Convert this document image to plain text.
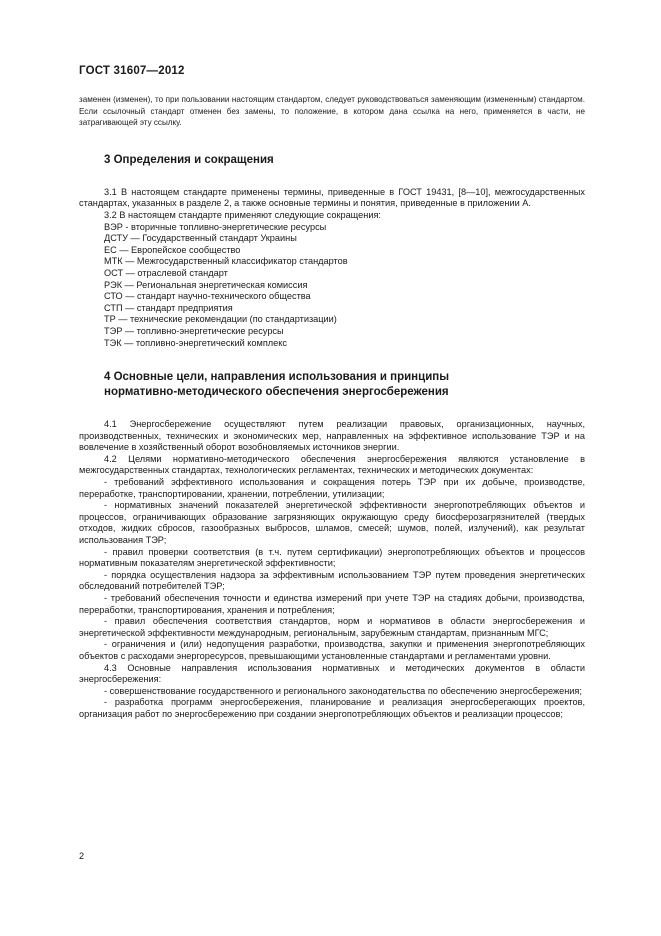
ГОСТ 31607—2012

заменен (изменен), то при пользовании настоящим стандартом, следует руководствоваться заменяющим (измененным) стандартом. Если ссылочный стандарт отменен без замены, то положение, в котором дана ссылка на него, применяется в части, не затрагивающей эту ссылку.

3 Определения и сокращения

3.1 В настоящем стандарте применены термины, приведенные в ГОСТ 19431, [8—10], межгосударственных стандартах, указанных в разделе 2, а также основные термины и понятия, приведенные в приложении А.

3.2 В настоящем стандарте применяют следующие сокращения:

ВЭР - вторичные топливно-энергетические ресурсы

ДСТУ — Государственный стандарт Украины

ЕС — Европейское сообщество

МТК — Межгосударственный классификатор стандартов

ОСТ — отраслевой стандарт

РЭК — Региональная энергетическая комиссия

СТО — стандарт научно-технического общества

СТП — стандарт предприятия

ТР — технические рекомендации (по стандартизации)

ТЭР — топливно-энергетические ресурсы

ТЭК — топливно-энергетический комплекс

4 Основные цели, направления использования и принципы
нормативно-методического обеспечения энергосбережения

4.1 Энергосбережение осуществляют путем реализации правовых, организационных, научных, производственных, технических и экономических мер, направленных на эффективное использование ТЭР и на вовлечение в хозяйственный оборот возобновляемых источников энергии.

4.2 Целями нормативно-методического обеспечения энергосбережения являются установление в межгосударственных стандартах, технологических регламентах, технических и методических документах:

- требований эффективного использования и сокращения потерь ТЭР при их добыче, производстве, переработке, транспортировании, хранении, потреблении, утилизации;

- нормативных значений показателей энергетической эффективности энергопотребляющих объектов и процессов, ограничивающих образование загрязняющих окружающую среду биосферозагрязнителей (твердых отходов, жидких сбросов, газообразных выбросов, шламов, смесей; шумов, полей, излучений), как результат использования ТЭР;

- правил проверки соответствия (в т.ч. путем сертификации) энергопотребляющих объектов и процессов нормативным показателям энергетической эффективности;

- порядка осуществления надзора за эффективным использованием ТЭР путем проведения энергетических обследований потребителей ТЭР;

- требований обеспечения точности и единства измерений при учете ТЭР на стадиях добычи, производства, переработки, транспортирования, хранения и потребления;

- правил обеспечения соответствия стандартов, норм и нормативов в области энергосбережения и энергетической эффективности международным, региональным, зарубежным стандартам, признанным МГС;

- ограничения и (или) недопущения разработки, производства, закупки и применения энергопотребляющих объектов с расходами энергоресурсов, превышающими установленные стандартами и регламентами уровни.

4.3 Основные направления использования нормативных и методических документов в области энергосбережения:

- совершенствование государственного и регионального законодательства по обеспечению энергосбережения;

- разработка программ энергосбережения, планирование и реализация энергосберегающих проектов, организация работ по энергосбережению при создании энергопотребляющих объектов и реализации процессов;

2
